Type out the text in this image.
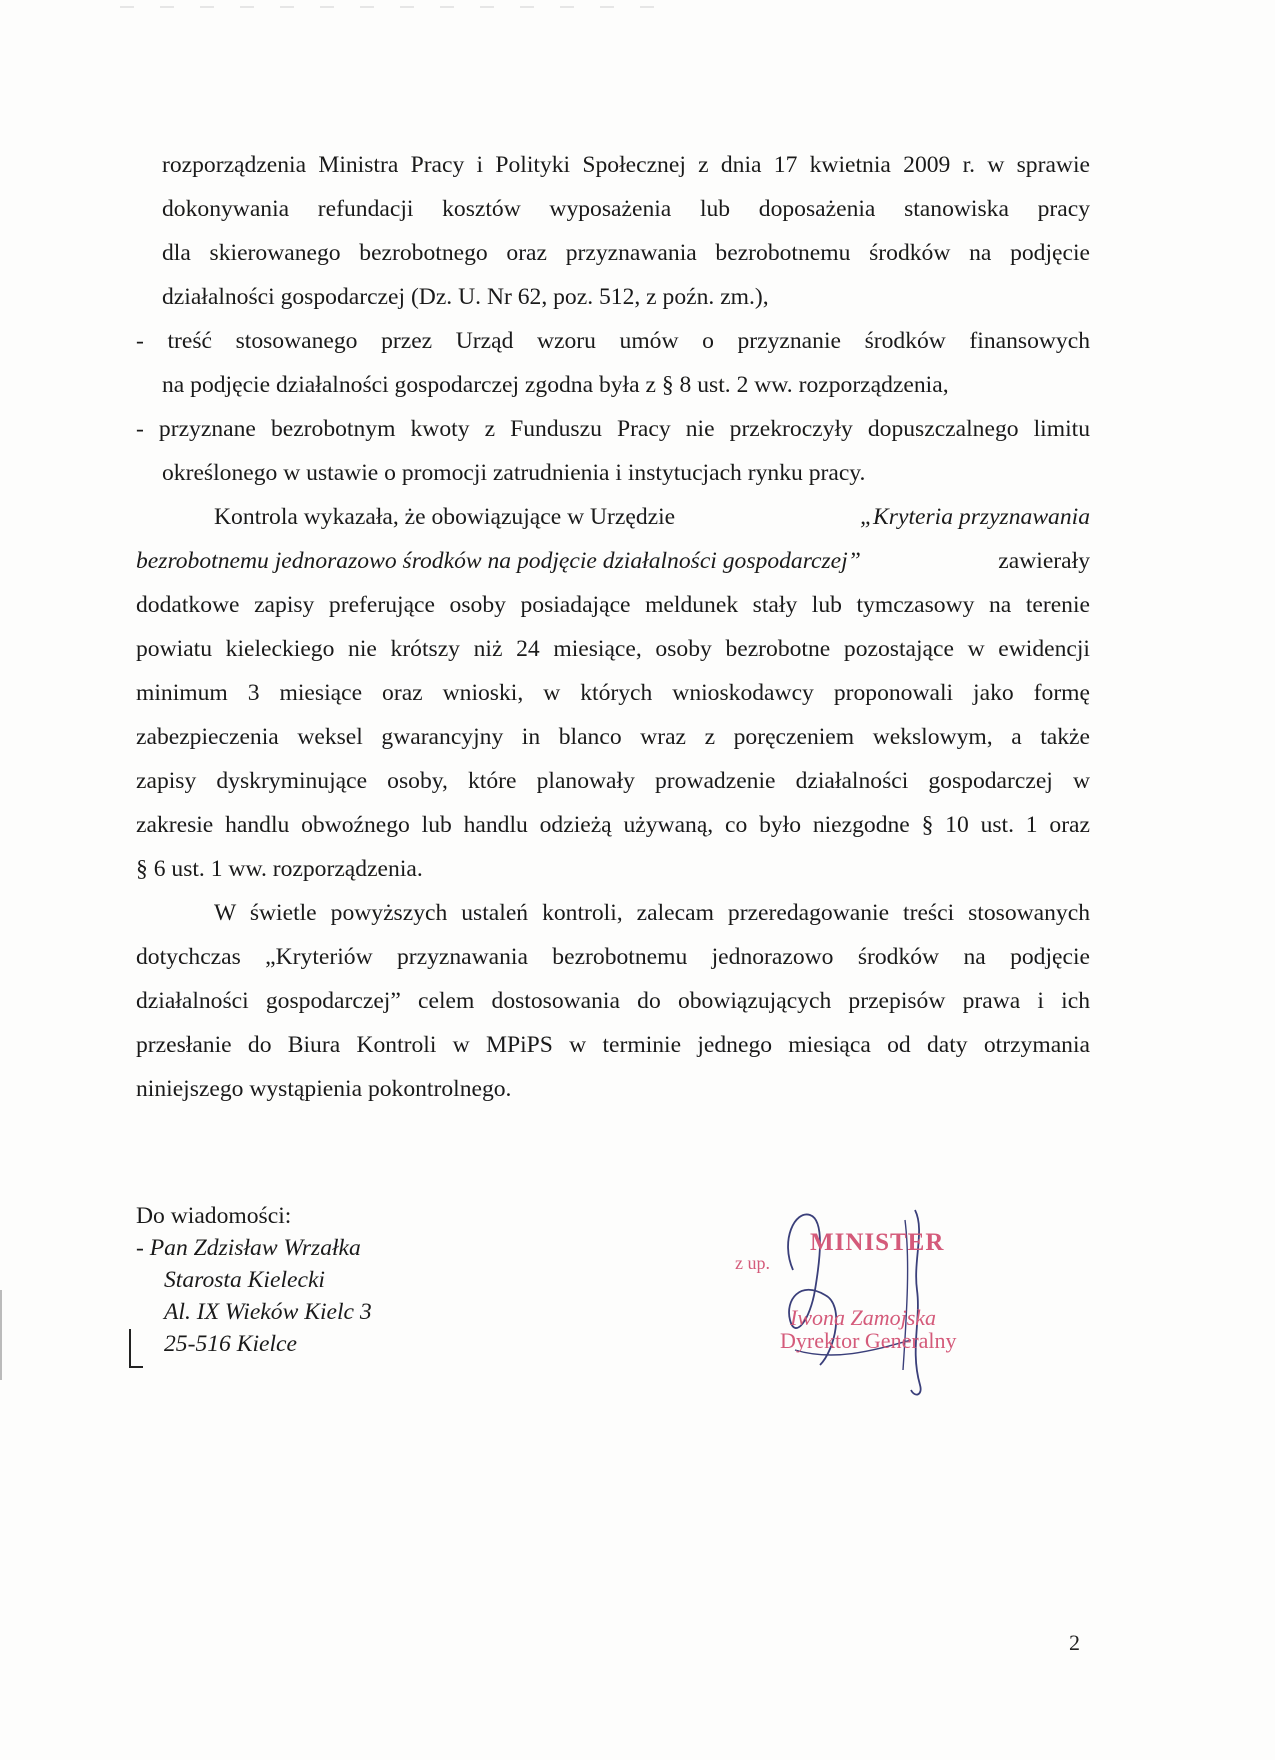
rozporządzenia Ministra Pracy i Polityki Społecznej z dnia 17 kwietnia 2009 r. w sprawie
dokonywania refundacji kosztów wyposażenia lub doposażenia stanowiska pracy
dla skierowanego bezrobotnego oraz przyznawania bezrobotnemu środków na podjęcie
działalności gospodarczej (Dz. U. Nr 62, poz. 512, z poźn. zm.),
- treść stosowanego przez Urząd wzoru umów o przyznanie środków finansowych
na podjęcie działalności gospodarczej zgodna była z § 8 ust. 2 ww. rozporządzenia,
- przyznane bezrobotnym kwoty z Funduszu Pracy nie przekroczyły dopuszczalnego limitu
określonego w ustawie o promocji zatrudnienia i instytucjach rynku pracy.
Kontrola wykazała, że obowiązujące w Urzędzie	„Kryteria przyznawania
bezrobotnemu jednorazowo środków na podjęcie działalności gospodarczej”	zawierały
dodatkowe zapisy preferujące osoby posiadające meldunek stały lub tymczasowy na terenie
powiatu kieleckiego nie krótszy niż 24 miesiące, osoby bezrobotne pozostające w ewidencji
minimum 3 miesiące oraz wnioski, w których wnioskodawcy proponowali jako formę
zabezpieczenia weksel gwarancyjny in blanco wraz z poręczeniem wekslowym, a także
zapisy dyskryminujące osoby, które planowały prowadzenie działalności gospodarczej w
zakresie handlu obwoźnego lub handlu odzieżą używaną, co było niezgodne § 10 ust. 1 oraz
§ 6 ust. 1 ww. rozporządzenia.
W świetle powyższych ustaleń kontroli, zalecam przeredagowanie treści stosowanych
dotychczas „Kryteriów przyznawania bezrobotnemu jednorazowo środków na podjęcie
działalności gospodarczej” celem dostosowania do obowiązujących przepisów prawa i ich
przesłanie do Biura Kontroli w MPiPS w terminie jednego miesiąca od daty otrzymania
niniejszego wystąpienia pokontrolnego.
Do wiadomości:
- Pan Zdzisław Wrzałka
Starosta Kielecki
Al. IX Wieków Kielc 3
25-516 Kielce
MINISTER
z up.
Iwona Zamojska
Dyrektor Generalny
2
